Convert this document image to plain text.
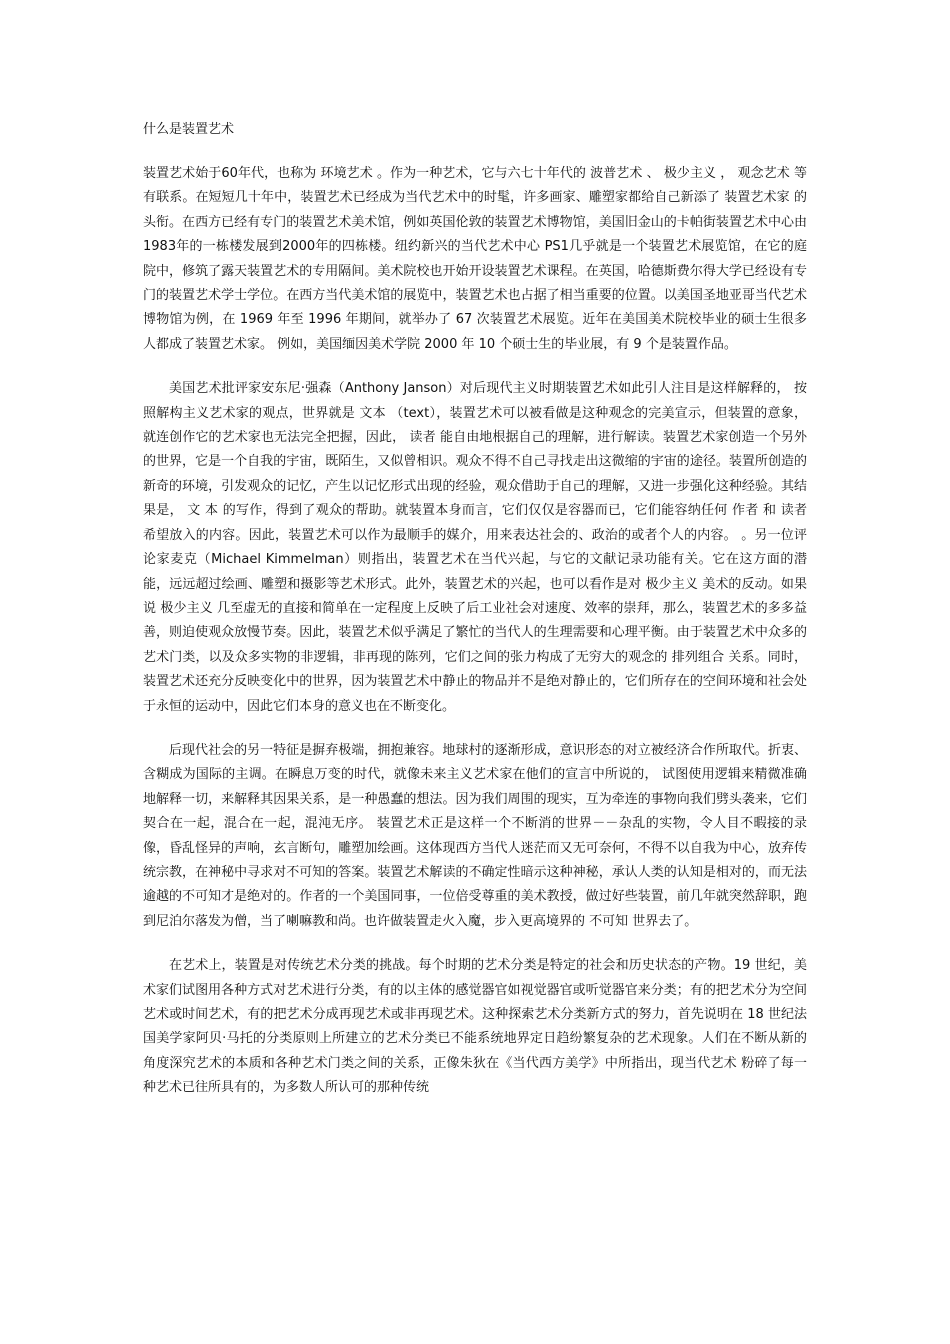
什么是装置艺术

装置艺术始于60年代，也称为 环境艺术 。作为一种艺术，它与六七十年代的 波普艺术 、 极少主义 ， 观念艺术 等有联系。在短短几十年中，装置艺术已经成为当代艺术中的时髦，许多画家、雕塑家都给自己新添了 装置艺术家 的头衔。在西方已经有专门的装置艺术美术馆，例如英国伦敦的装置艺术博物馆，美国旧金山的卡帕街装置艺术中心由1983年的一栋楼发展到2000年的四栋楼。纽约新兴的当代艺术中心 PS1几乎就是一个装置艺术展览馆，在它的庭院中，修筑了露天装置艺术的专用隔间。美术院校也开始开设装置艺术课程。在英国，哈德斯费尔得大学已经设有专门的装置艺术学士学位。在西方当代美术馆的展览中，装置艺术也占据了相当重要的位置。以美国圣地亚哥当代艺术博物馆为例，在 1969 年至 1996 年期间，就举办了 67 次装置艺术展览。近年在美国美术院校毕业的硕士生很多人都成了装置艺术家。 例如，美国缅因美术学院 2000 年 10 个硕士生的毕业展，有 9 个是装置作品。

美国艺术批评家安东尼·强森（Anthony Janson）对后现代主义时期装置艺术如此引人注目是这样解释的， 按照解构主义艺术家的观点，世界就是 文本 （text），装置艺术可以被看做是这种观念的完美宣示，但装置的意象，就连创作它的艺术家也无法完全把握，因此， 读者 能自由地根据自己的理解，进行解读。装置艺术家创造一个另外的世界，它是一个自我的宇宙，既陌生，又似曾相识。观众不得不自己寻找走出这微缩的宇宙的途径。装置所创造的新奇的环境，引发观众的记忆，产生以记忆形式出现的经验，观众借助于自己的理解，又进一步强化这种经验。其结果是， 文 本 的写作，得到了观众的帮助。就装置本身而言，它们仅仅是容器而已，它们能容纳任何 作者 和 读者 希望放入的内容。因此，装置艺术可以作为最顺手的媒介，用来表达社会的、政治的或者个人的内容。 。另一位评论家麦克（Michael Kimmelman）则指出，装置艺术在当代兴起，与它的文献记录功能有关。它在这方面的潜能，远远超过绘画、雕塑和摄影等艺术形式。此外，装置艺术的兴起，也可以看作是对 极少主义 美术的反动。如果说 极少主义 几至虚无的直接和简单在一定程度上反映了后工业社会对速度、效率的崇拜，那么，装置艺术的多多益善，则迫使观众放慢节奏。因此，装置艺术似乎满足了繁忙的当代人的生理需要和心理平衡。由于装置艺术中众多的艺术门类，以及众多实物的非逻辑，非再现的陈列，它们之间的张力构成了无穷大的观念的 排列组合 关系。同时，装置艺术还充分反映变化中的世界，因为装置艺术中静止的物品并不是绝对静止的，它们所存在的空间环境和社会处于永恒的运动中，因此它们本身的意义也在不断变化。

后现代社会的另一特征是摒弃极端，拥抱兼容。地球村的逐渐形成，意识形态的对立被经济合作所取代。折衷、含糊成为国际的主调。在瞬息万变的时代，就像未来主义艺术家在他们的宣言中所说的， 试图使用逻辑来精微准确地解释一切，来解释其因果关系，是一种愚蠢的想法。因为我们周围的现实，互为牵连的事物向我们劈头袭来，它们契合在一起，混合在一起，混沌无序。 装置艺术正是这样一个不断消的世界－－杂乱的实物，令人目不暇接的录像，昏乱怪异的声响，玄言断句，雕塑加绘画。这体现西方当代人迷茫而又无可奈何，不得不以自我为中心，放弃传统宗教，在神秘中寻求对不可知的答案。装置艺术解读的不确定性暗示这种神秘，承认人类的认知是相对的，而无法逾越的不可知才是绝对的。作者的一个美国同事，一位倍受尊重的美术教授，做过好些装置，前几年就突然辞职，跑到尼泊尔落发为僧，当了喇嘛教和尚。也许做装置走火入魔，步入更高境界的 不可知 世界去了。

在艺术上，装置是对传统艺术分类的挑战。每个时期的艺术分类是特定的社会和历史状态的产物。19 世纪，美术家们试图用各种方式对艺术进行分类，有的以主体的感觉器官如视觉器官或听觉器官来分类；有的把艺术分为空间艺术或时间艺术，有的把艺术分成再现艺术或非再现艺术。这种探索艺术分类新方式的努力，首先说明在 18 世纪法国美学家阿贝·马托的分类原则上所建立的艺术分类已不能系统地界定日趋纷繁复杂的艺术现象。人们在不断从新的角度深究艺术的本质和各种艺术门类之间的关系，正像朱狄在《当代西方美学》中所指出，现当代艺术 粉碎了每一种艺术已往所具有的，为多数人所认可的那种传统
